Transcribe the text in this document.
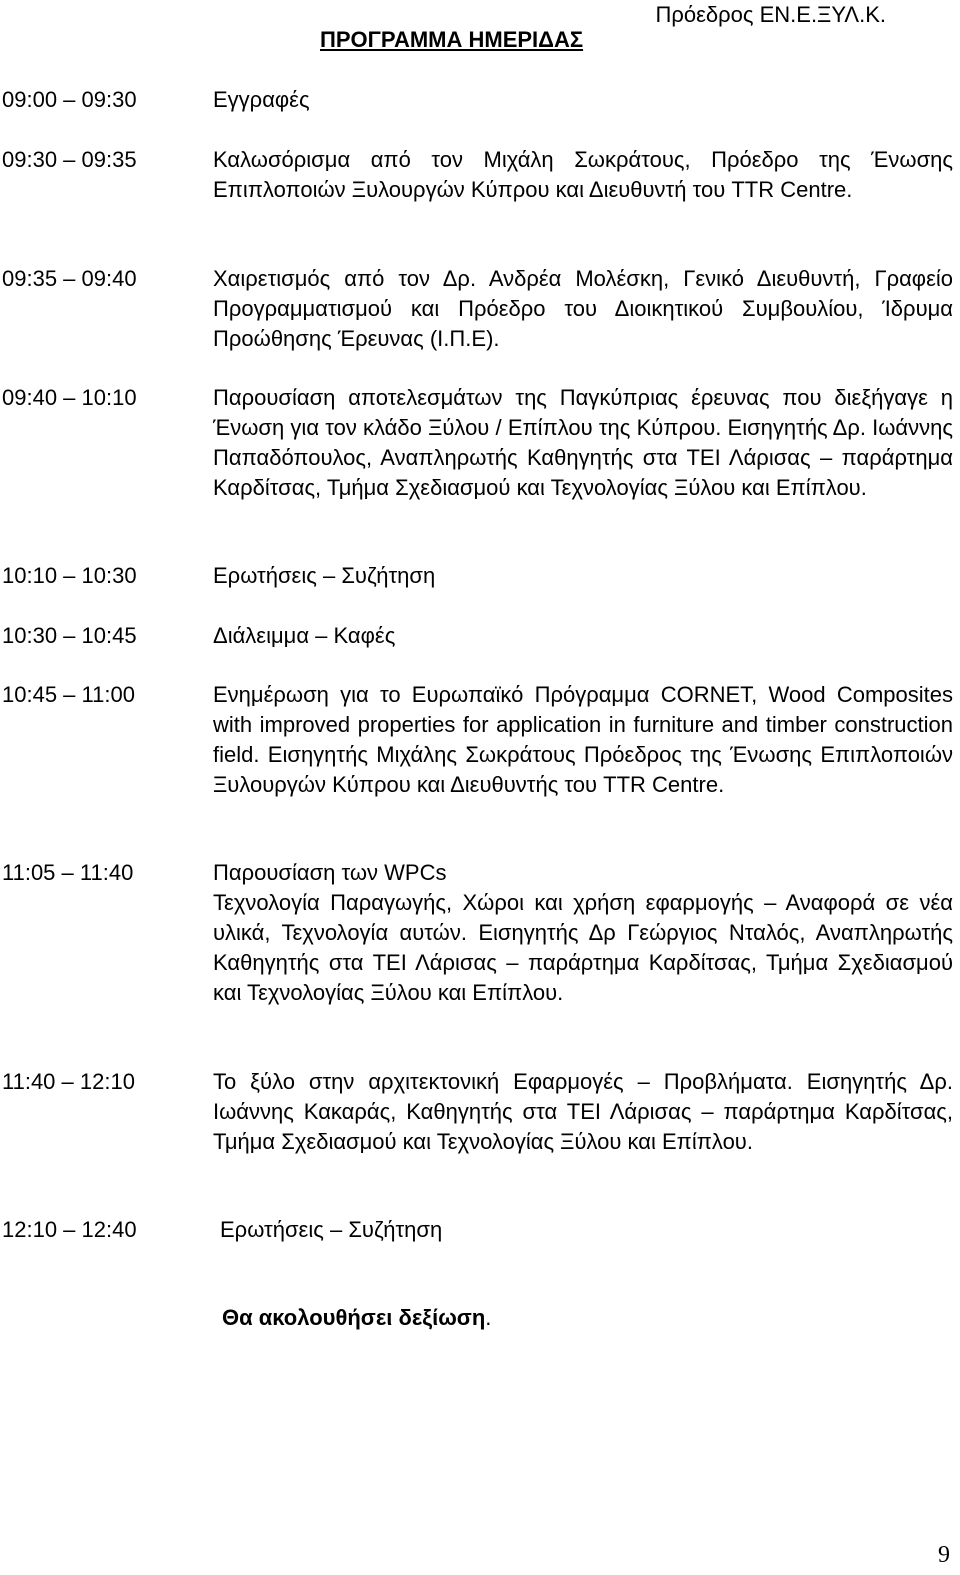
Πρόεδρος ΕΝ.Ε.ΞΥΛ.Κ.
ΠΡΟΓΡΑΜΜΑ ΗΜΕΡΙΔΑΣ
09:00 – 09:30	Εγγραφές
09:30 – 09:35	Καλωσόρισμα από τον Μιχάλη Σωκράτους, Πρόεδρο της Ένωσης Επιπλοποιών Ξυλουργών Κύπρου και Διευθυντή του TTR Centre.
09:35 – 09:40	Χαιρετισμός από τον Δρ. Ανδρέα Μολέσκη, Γενικό Διευθυντή, Γραφείο Προγραμματισμού και Πρόεδρο του Διοικητικού Συμβουλίου, Ίδρυμα Προώθησης Έρευνας (Ι.Π.Ε).
09:40 – 10:10	Παρουσίαση αποτελεσμάτων της Παγκύπριας έρευνας που διεξήγαγε η Ένωση για τον κλάδο Ξύλου / Επίπλου της Κύπρου. Εισηγητής Δρ. Ιωάννης Παπαδόπουλος, Αναπληρωτής Καθηγητής στα ΤΕΙ Λάρισας – παράρτημα Καρδίτσας, Τμήμα Σχεδιασμού και Τεχνολογίας Ξύλου και Επίπλου.
10:10 – 10:30	Ερωτήσεις – Συζήτηση
10:30 – 10:45	Διάλειμμα – Καφές
10:45 – 11:00	Ενημέρωση για το Ευρωπαϊκό Πρόγραμμα CORNET, Wood Composites with improved properties for application in furniture and timber construction field. Εισηγητής Μιχάλης Σωκράτους Πρόεδρος της Ένωσης Επιπλοποιών Ξυλουργών Κύπρου και Διευθυντής του TTR Centre.
11:05 – 11:40	Παρουσίαση των WPCs
Τεχνολογία Παραγωγής, Χώροι και χρήση εφαρμογής – Αναφορά σε νέα υλικά, Τεχνολογία αυτών. Εισηγητής Δρ Γεώργιος Νταλός, Αναπληρωτής Καθηγητής στα ΤΕΙ Λάρισας – παράρτημα Καρδίτσας, Τμήμα Σχεδιασμού και Τεχνολογίας Ξύλου και Επίπλου.
11:40 – 12:10	Το ξύλο στην αρχιτεκτονική Εφαρμογές – Προβλήματα. Εισηγητής Δρ. Ιωάννης Κακαράς, Καθηγητής στα ΤΕΙ Λάρισας – παράρτημα Καρδίτσας, Τμήμα Σχεδιασμού και Τεχνολογίας Ξύλου και Επίπλου.
12:10 – 12:40	Ερωτήσεις – Συζήτηση
Θα ακολουθήσει δεξίωση.
9
